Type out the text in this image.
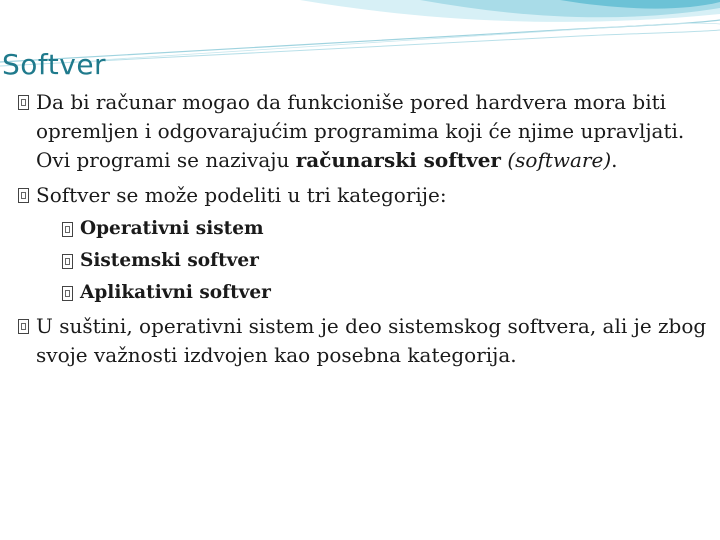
Softver

Da bi računar mogao da funkcioniše pored hardvera mora biti opremljen i odgovarajućim programima koji će njime upravljati. Ovi programi se nazivaju računarski softver (software).

Softver se može podeliti u tri kategorije:

Operativni sistem

Sistemski softver

Aplikativni softver

U suštini, operativni sistem je deo sistemskog softvera, ali je zbog svoje važnosti izdvojen kao posebna kategorija.
